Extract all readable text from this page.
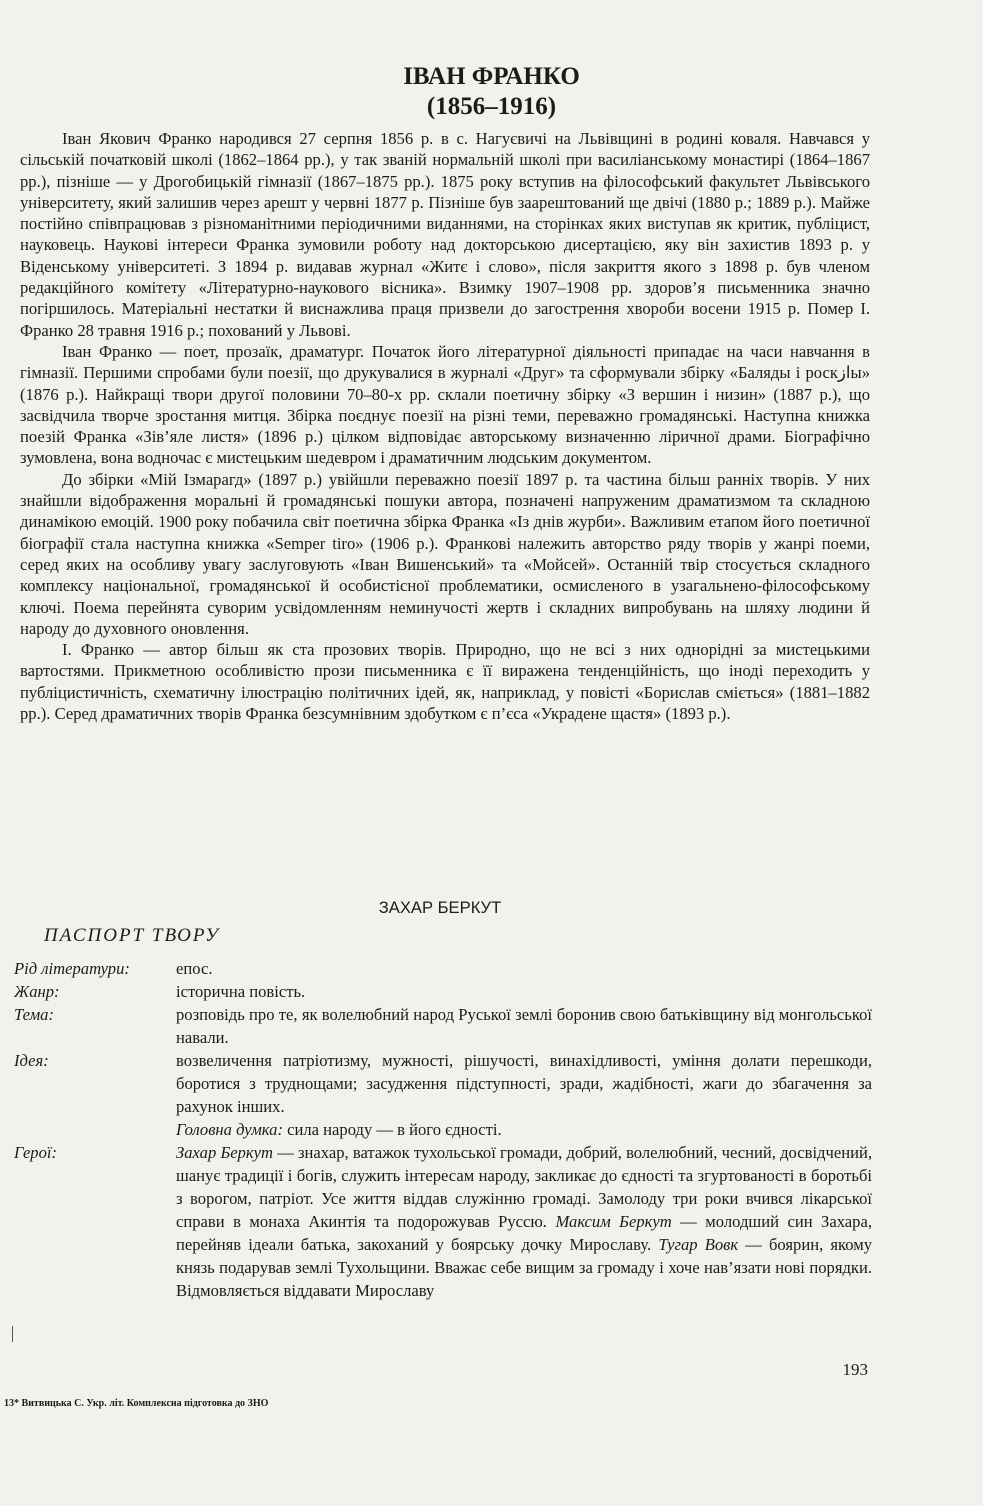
ІВАН ФРАНКО
(1856–1916)

Іван Якович Франко народився 27 серпня 1856 р. в с. Нагуєвичі на Львівщині в родині коваля. Навчався у сільській початковій школі (1862–1864 рр.), у так званій нормальній школі при василіанському монастирі (1864–1867 рр.), пізніше — у Дрогобицькій гімназії (1867–1875 рр.). 1875 року вступив на філософський факультет Львівського університету, який залишив через арешт у червні 1877 р. Пізніше був заарештований ще двічі (1880 р.; 1889 р.). Майже постійно співпрацював з різноманітними періодичними виданнями, на сторінках яких виступав як критик, публіцист, науковець. Наукові інтереси Франка зумовили роботу над докторською дисертацією, яку він захистив 1893 р. у Віденському університеті. З 1894 р. видавав журнал «Житє і слово», після закриття якого з 1898 р. був членом редакційного комітету «Літературно-наукового вісника». Взимку 1907–1908 рр. здоров’я письменника значно погіршилось. Матеріальні нестатки й виснажлива праця призвели до загострення хвороби восени 1915 р. Помер І. Франко 28 травня 1916 р.; похований у Львові.

Іван Франко — поет, прозаїк, драматург. Початок його літературної діяльності припадає на часи навчання в гімназії. Першими спробами були поезії, що друкувалися в журналі «Друг» та сформували збірку «Баляды і роскازы» (1876 р.). Найкращі твори другої половини 70–80-х рр. склали поетичну збірку «З вершин і низин» (1887 р.), що засвідчила творче зростання митця. Збірка поєднує поезії на різні теми, переважно громадянські. Наступна книжка поезій Франка «Зів’яле листя» (1896 р.) цілком відповідає авторському визначенню ліричної драми. Біографічно зумовлена, вона водночас є мистецьким шедевром і драматичним людським документом.

До збірки «Мій Ізмарагд» (1897 р.) увійшли переважно поезії 1897 р. та частина більш ранніх творів. У них знайшли відображення моральні й громадянські пошуки автора, позначені напруженим драматизмом та складною динамікою емоцій. 1900 року побачила світ поетична збірка Франка «Із днів журби». Важливим етапом його поетичної біографії стала наступна книжка «Semper tiro» (1906 р.). Франкові належить авторство ряду творів у жанрі поеми, серед яких на особливу увагу заслуговують «Іван Вишенський» та «Мойсей». Останній твір стосується складного комплексу національної, громадянської й особистісної проблематики, осмисленого в узагальнено-філософському ключі. Поема перейнята суворим усвідомленням неминучості жертв і складних випробувань на шляху людини й народу до духовного оновлення.

І. Франко — автор більш як ста прозових творів. Природно, що не всі з них однорідні за мистецькими вартостями. Прикметною особливістю прози письменника є її виражена тенденційність, що іноді переходить у публіцистичність, схематичну ілюстрацію політичних ідей, як, наприклад, у повісті «Борислав сміється» (1881–1882 рр.). Серед драматичних творів Франка безсумнівним здобутком є п’єса «Украдене щастя» (1893 р.).

ЗАХАР БЕРКУТ
ПАСПОРТ ТВОРУ
Рід літератури:	епос.
Жанр:	історична повість.
Тема:	розповідь про те, як волелюбний народ Руської землі боронив свою батьківщину від монгольської навали.
Ідея:	возвеличення патріотизму, мужності, рішучості, винахідливості, уміння долати перешкоди, боротися з труднощами; засудження підступності, зради, жадібності, жаги до збагачення за рахунок інших.
Головна думка: сила народу — в його єдності.
Герої:	Захар Беркут — знахар, ватажок тухольської громади, добрий, волелюбний, чесний, досвідчений, шанує традиції і богів, служить інтересам народу, закликає до єдності та згуртованості в боротьбі з ворогом, патріот. Усе життя віддав служінню громаді. Замолоду три роки вчився лікарської справи в монаха Акинтія та подорожував Руссю. Максим Беркут — молодший син Захара, перейняв ідеали батька, закоханий у боярську дочку Мирославу. Тугар Вовк — боярин, якому князь подарував землі Тухольщини. Вважає себе вищим за громаду і хоче нав’язати нові порядки. Відмовляється віддавати Мирославу
193
13* Витвицька С. Укр. літ. Комплексна підготовка до ЗНО
